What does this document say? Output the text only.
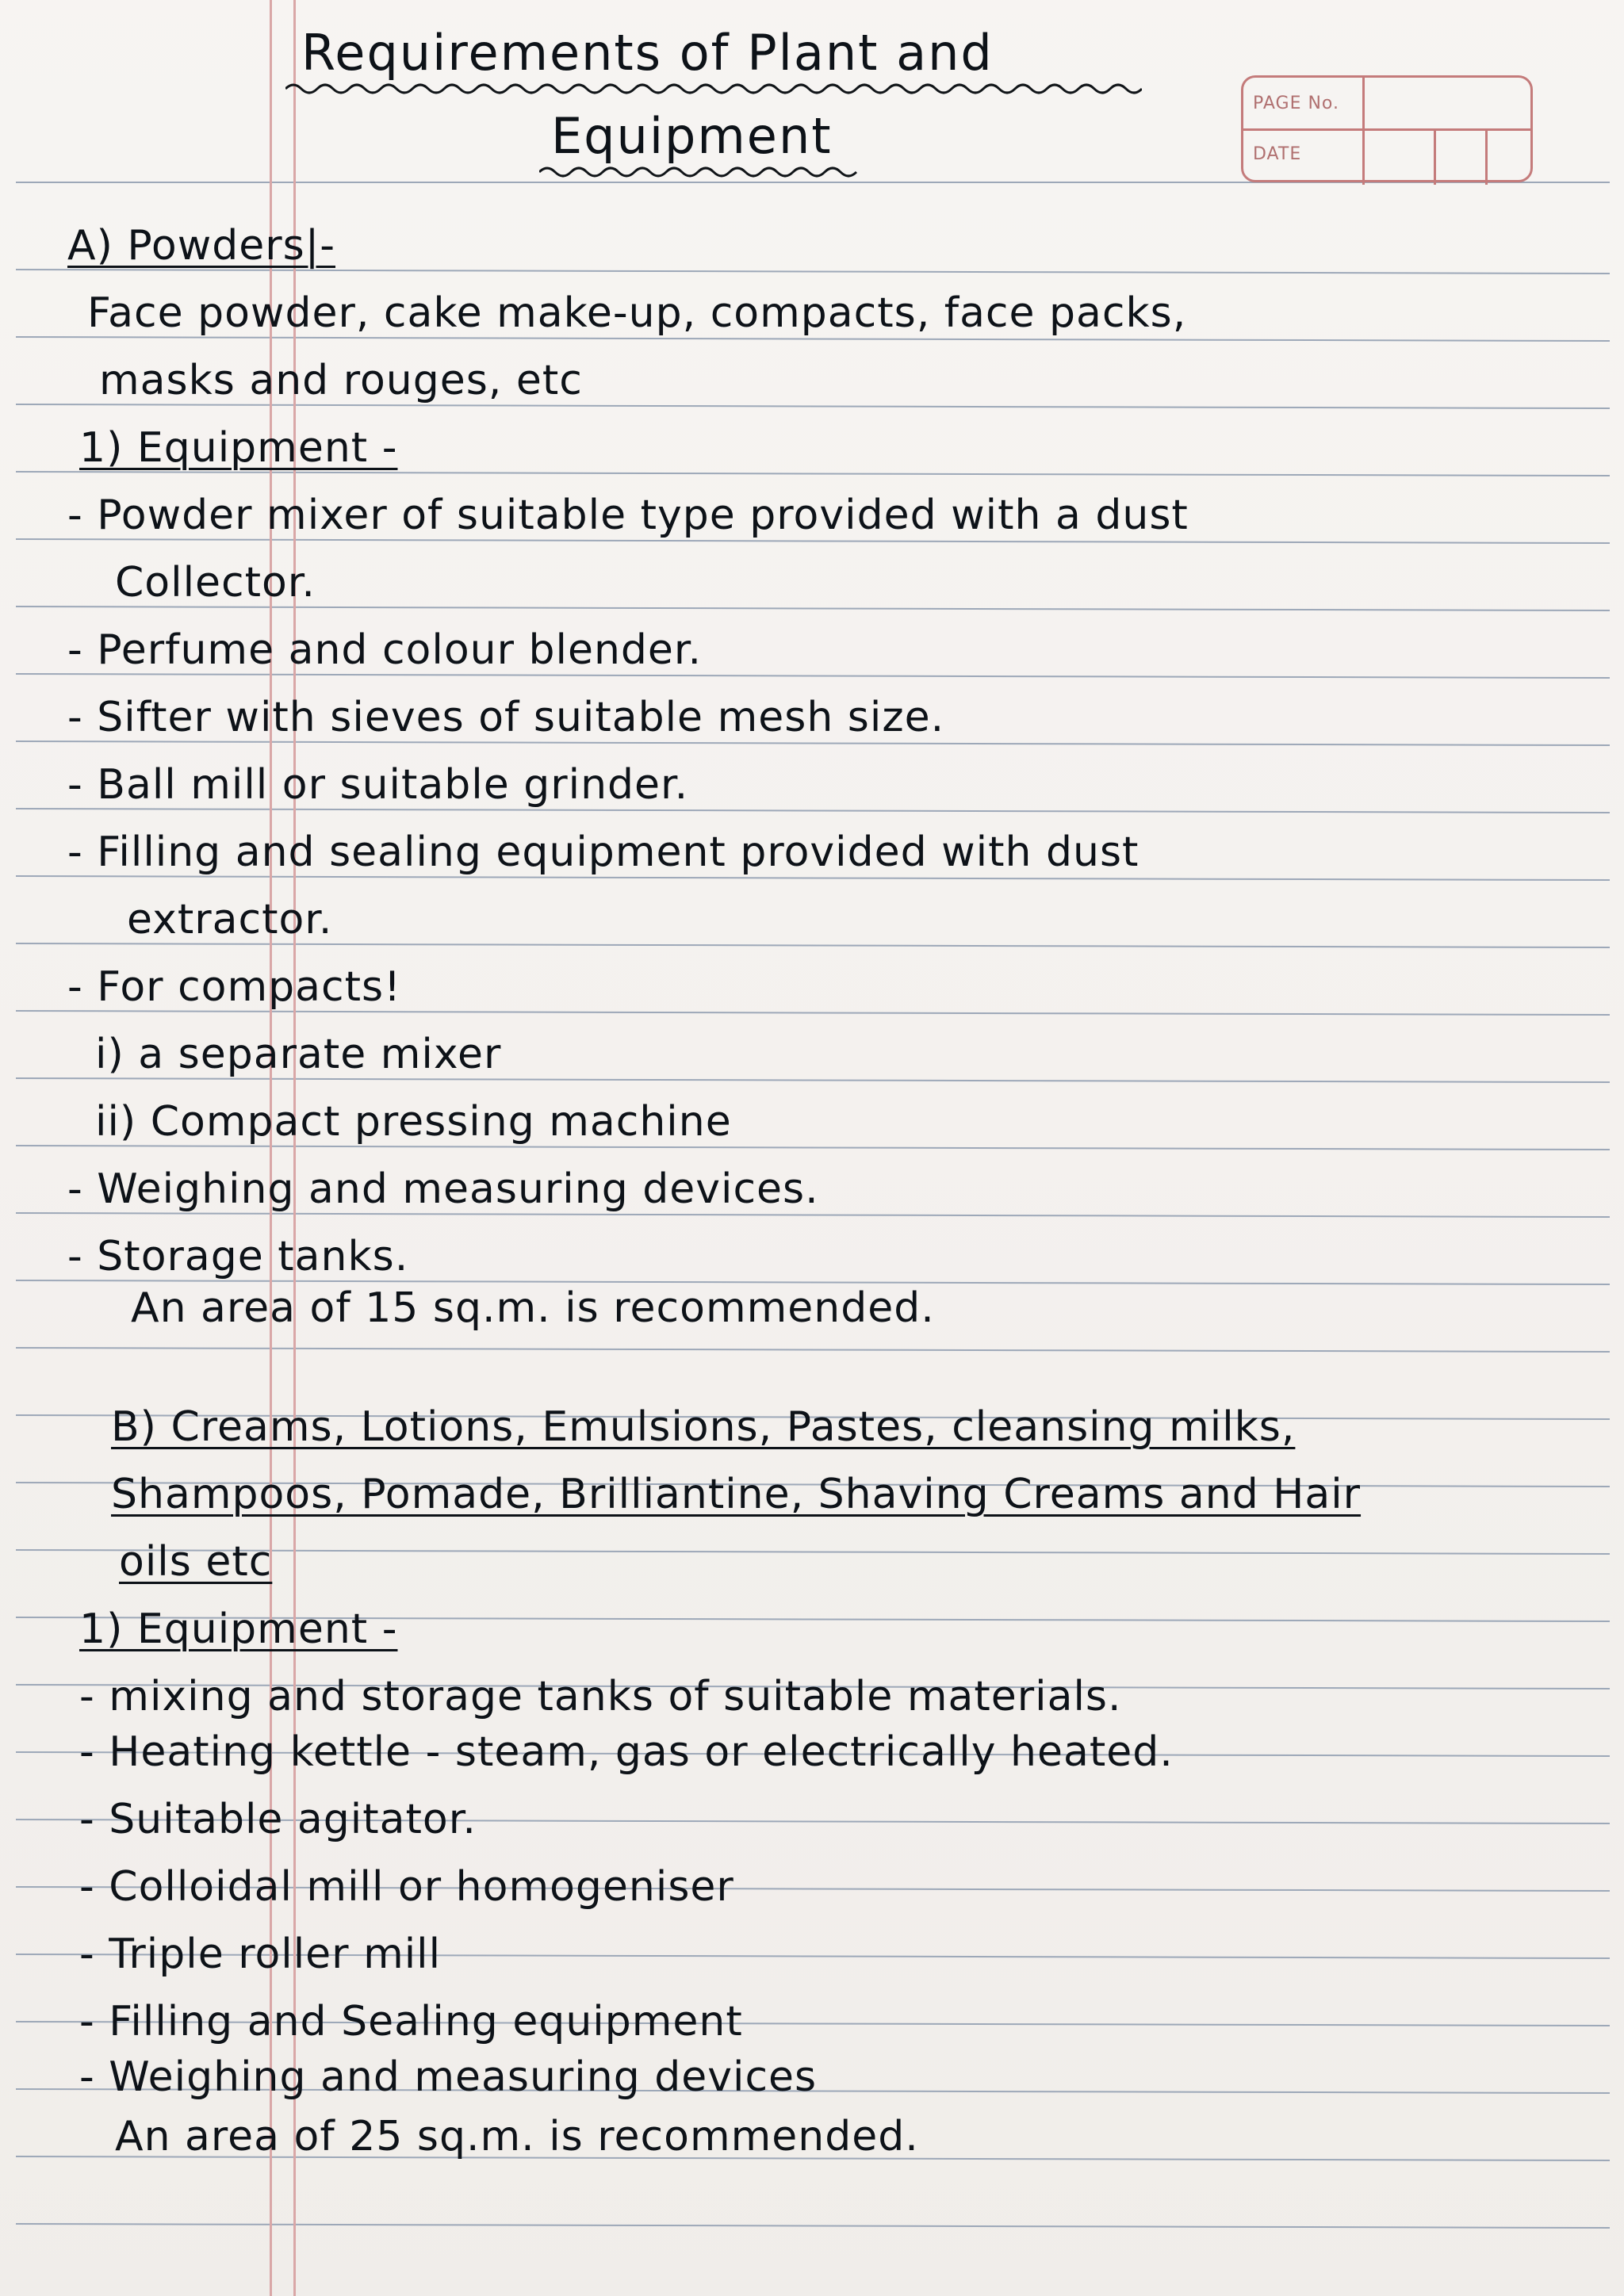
PAGE No.
DATE
Requirements of Plant and
Equipment
A) Powders|-
Face powder, cake make-up, compacts, face packs,
masks and rouges, etc
1) Equipment -
- Powder mixer of suitable type provided with a dust
Collector.
- Perfume and colour blender.
- Sifter with sieves of suitable mesh size.
- Ball mill or suitable grinder.
- Filling and sealing equipment provided with dust
extractor.
- For compacts!
i) a separate mixer
ii) Compact pressing machine
- Weighing and measuring devices.
- Storage tanks.
An area of 15 sq.m. is recommended.
B) Creams, Lotions, Emulsions, Pastes, cleansing milks,
Shampoos, Pomade, Brilliantine, Shaving Creams and Hair
oils etc
1) Equipment -
- mixing and storage tanks of suitable materials.
- Heating kettle - steam, gas or electrically heated.
- Suitable agitator.
- Colloidal mill or homogeniser
- Triple roller mill
- Filling and Sealing equipment
- Weighing and measuring devices
An area of 25 sq.m. is recommended.
